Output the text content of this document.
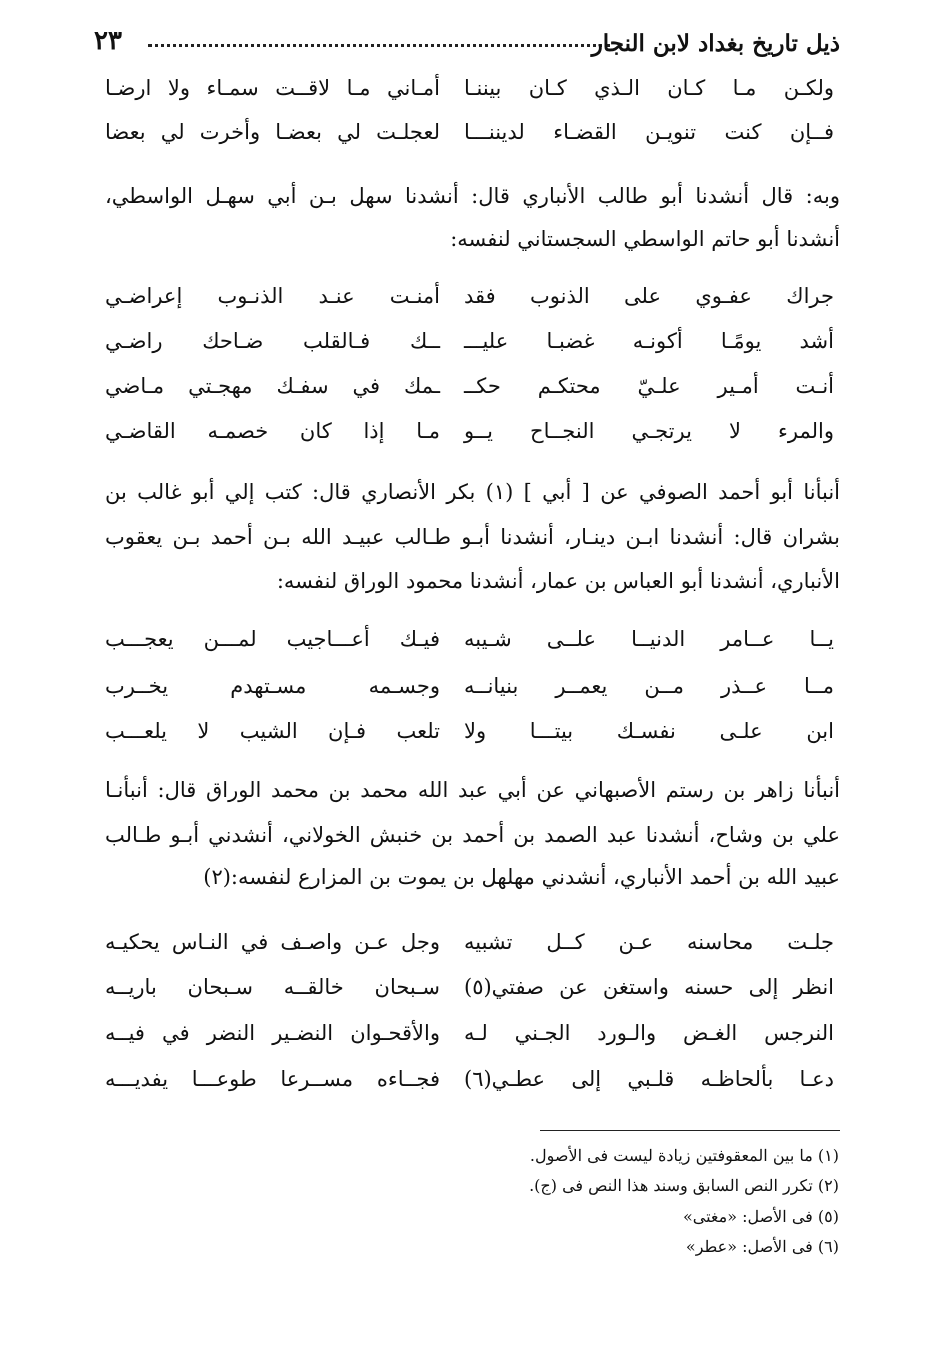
٢٣	ذيل تاريخ بغداد لابن النجار
ولكـن مـا كـان الـذي كـان بيننـا
أمـاني مـا لاقــت سمـاء ولا ارضـا
فــإن كنت تنويـن القضـاء لديننـــا
لعجلـت لي بعضـا وأخرت لي بعضا
وبه: قال أنشدنا أبو طالب الأنباري قال: أنشدنا سهل بـن أبي سهـل الواسطي،
أنشدنا أبو حاتم الواسطي السجستاني لنفسه:
جراك عفـوي على الذنوب فقد
أمنـت عنـد الذنـوب إعراضـي
أشد يومًـا أكونـه غضبـا عليـــ
ــك فـالقلب ضـاحك راضـي
أنـت أمـير علـيّ محتكـم حكــ
ـمك في سفـك مهجـتي مـاضي
والمرء لا يرتجـي النجــاح يــو
مـا إذا كان خصمـه القاضـي
أنبأنا أبو أحمد الصوفي عن [ أبي ] (١) بكر الأنصاري قال: كتب إلي أبو غالب بن
بشران قال: أنشدنا ابـن دينـار، أنشدنا أبـو طـالب عبيـد الله بـن أحمد بـن يعقوب
الأنباري، أنشدنا أبو العباس بن عمار، أنشدنا محمود الوراق لنفسه:
يــا عــامر الدنيــا علــى شـيبه
فيـك أعـــاجيب لمـــن يعجـــب
مــا عــذر مــن يعمــر بنيانــه
وجسـمه مسـتهدم يخــرب
ابن علـى نفسـك بيتـــا ولا
تلعب فـإن الشيب لا يلعـــب
أنبأنا زاهر بن رستم الأصبهاني عن أبي عبد الله محمد بن محمد الوراق قال: أنبأنـا
علي بن وشاح، أنشدنا عبد الصمد بن أحمد بن خنبش الخولاني، أنشدني أبـو طـالب
عبيد الله بن أحمد الأنباري، أنشدني مهلهل بن يموت بن المزارع لنفسه:(٢)
جلـت محاسنه عـن كــل تشبيه
وجل عـن واصـف في النـاس يحكيـه
انظر إلى حسنه واستغن عن صفتي(٥)
سـبحان خالقــه سـبحان باريــه
النرجس الغـض والـورد الجـني لـه
والأقحـوان النضـير النضر في فيــه
دعـا بألحاظـه قلـبي إلى عطـي(٦)
فجــاءه مســرعا طوعـــا يفديـــه
(١) ما بين المعقوفتين زيادة ليست فى الأصول.
(٢) تكرر النص السابق وسند هذا النص فى (ج).
(٥) فى الأصل: «مغتى»
(٦) فى الأصل: «عطر»
